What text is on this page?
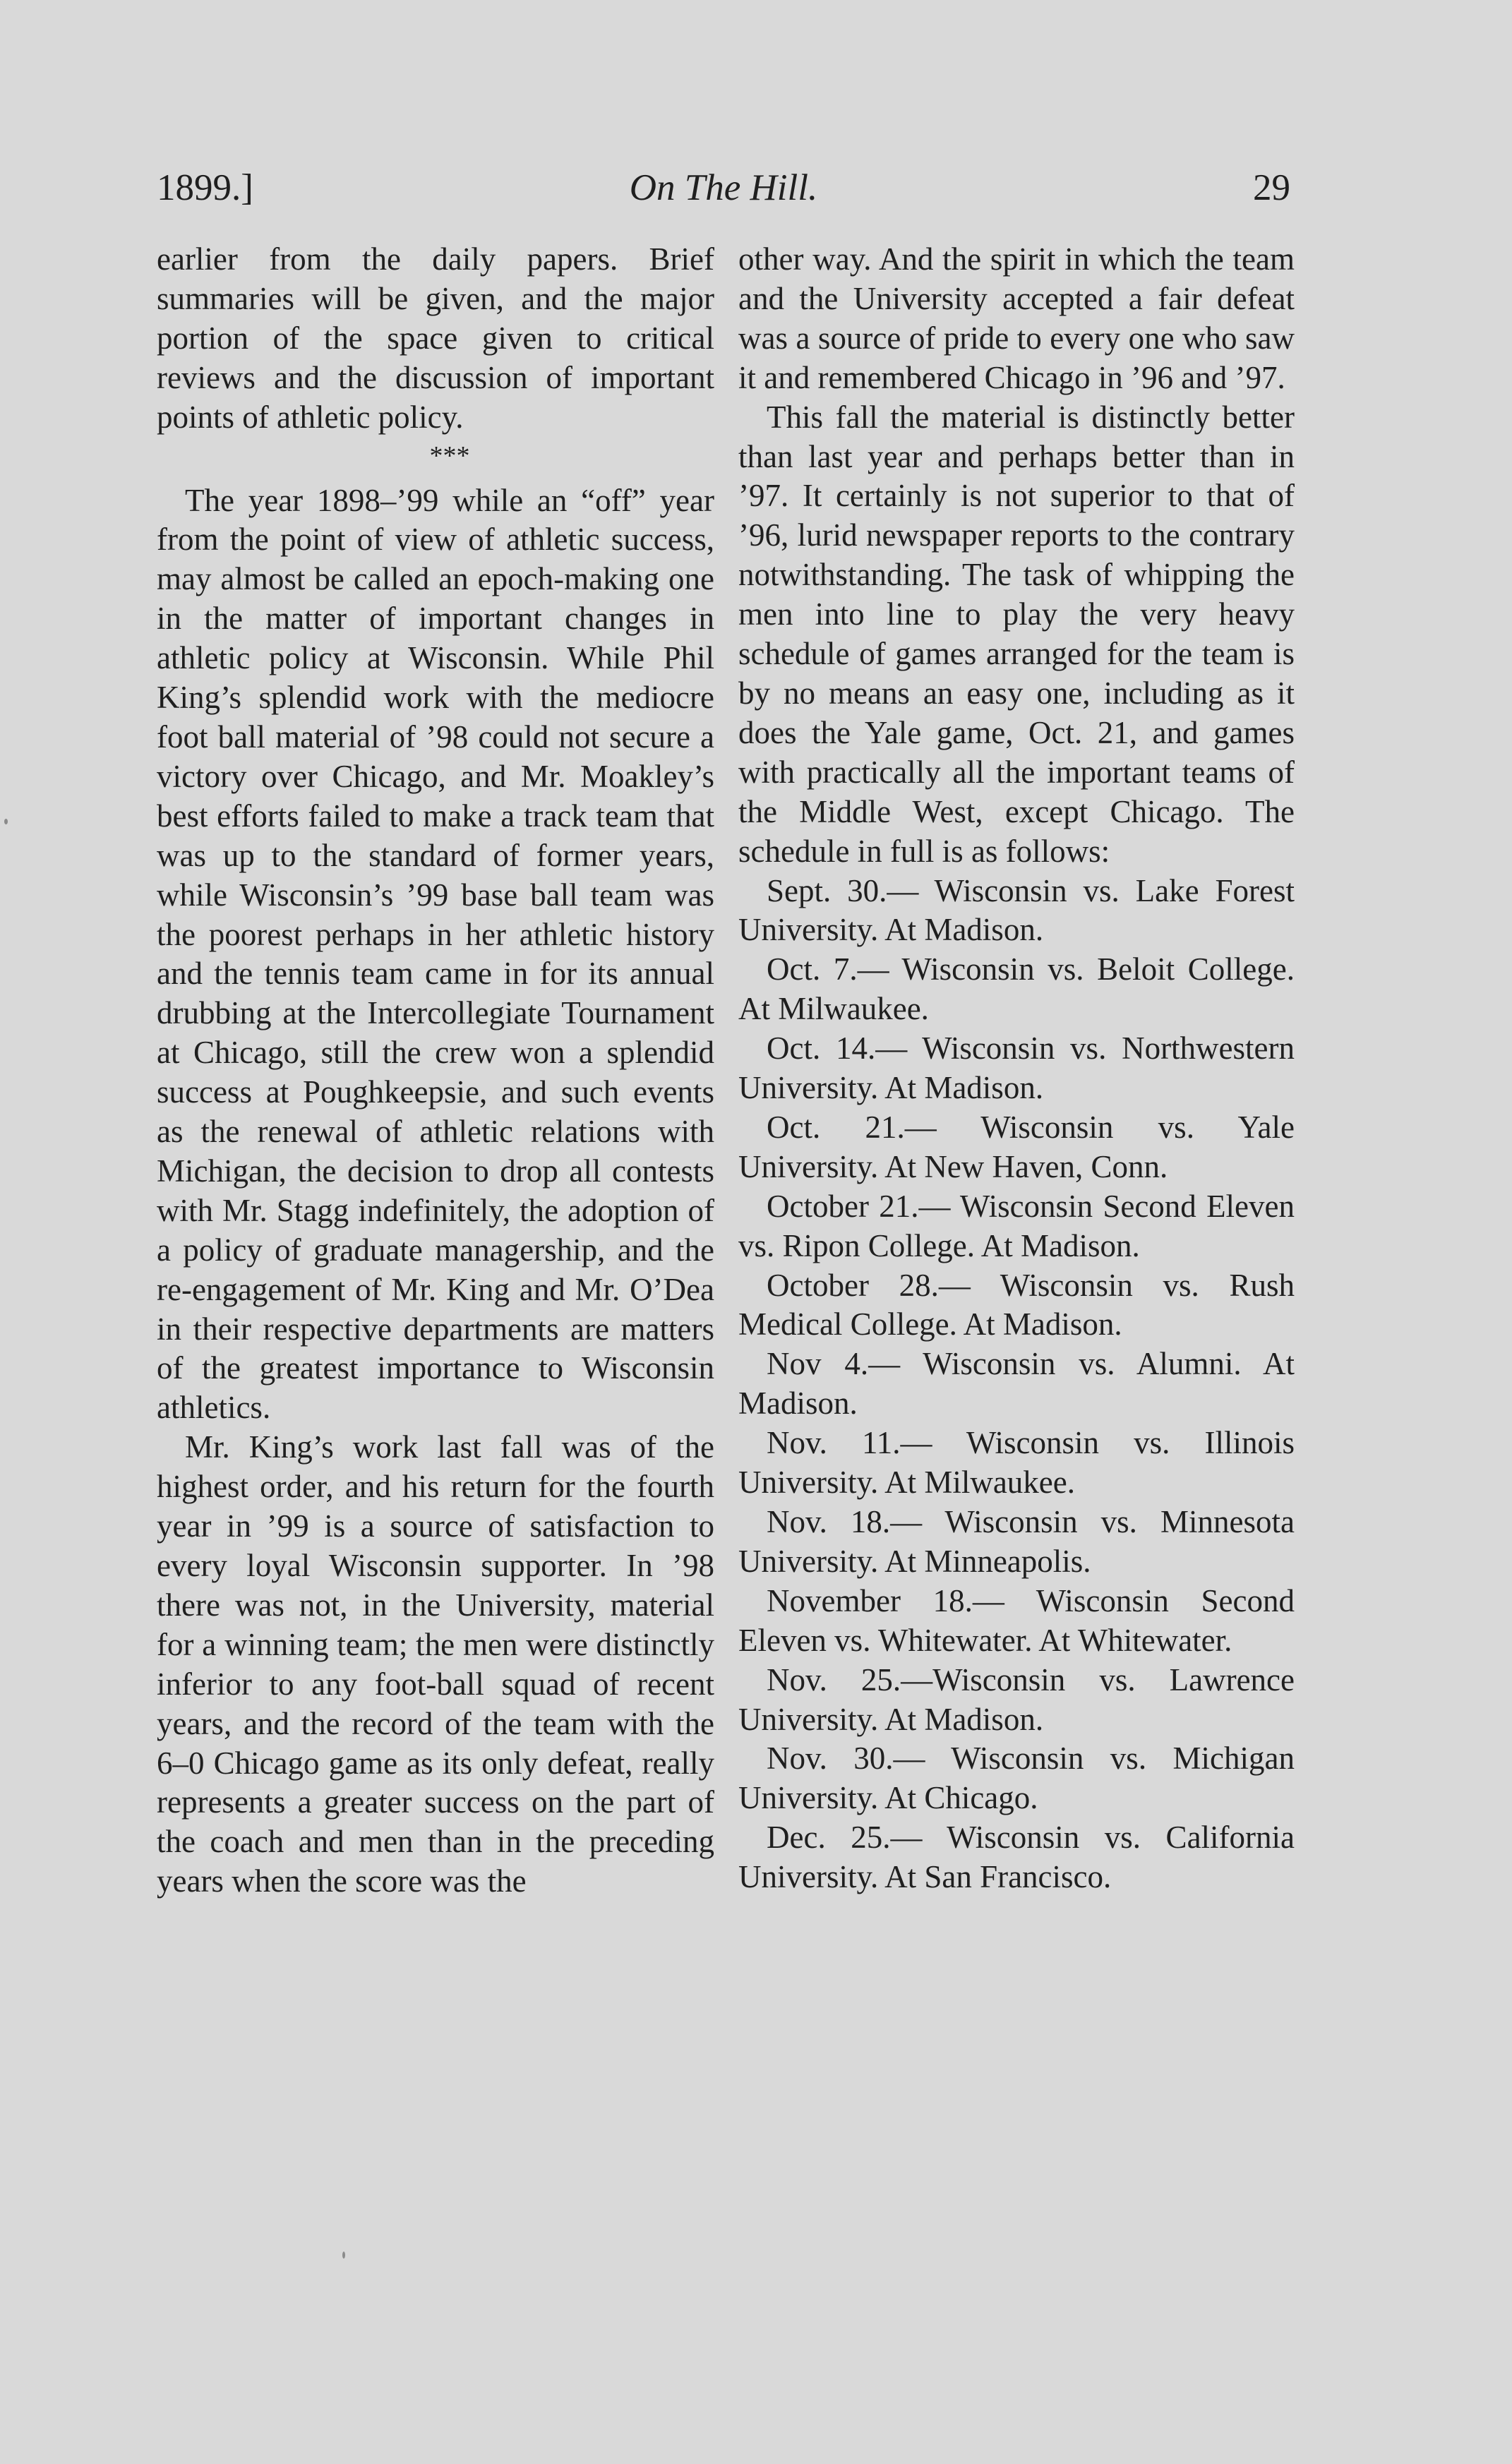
1899.]	On The Hill.	29

earlier from the daily papers. Brief summaries will be given, and the major portion of the space given to critical reviews and the discussion of important points of athletic policy.

***

The year 1898–’99 while an “off” year from the point of view of athletic success, may almost be called an epoch-making one in the matter of important changes in athletic policy at Wisconsin. While Phil King’s splendid work with the mediocre foot ball material of ’98 could not secure a victory over Chicago, and Mr. Moakley’s best efforts failed to make a track team that was up to the standard of former years, while Wisconsin’s ’99 base ball team was the poorest perhaps in her athletic history and the tennis team came in for its annual drubbing at the Intercollegiate Tournament at Chicago, still the crew won a splendid success at Poughkeepsie, and such events as the renewal of athletic relations with Michigan, the decision to drop all contests with Mr. Stagg indefinitely, the adoption of a policy of graduate managership, and the re-engagement of Mr. King and Mr. O’Dea in their respective departments are matters of the greatest importance to Wisconsin athletics.

Mr. King’s work last fall was of the highest order, and his return for the fourth year in ’99 is a source of satisfaction to every loyal Wisconsin supporter. In ’98 there was not, in the University, material for a winning team; the men were distinctly inferior to any foot-ball squad of recent years, and the record of the team with the 6–0 Chicago game as its only defeat, really represents a greater success on the part of the coach and men than in the preceding years when the score was the

other way. And the spirit in which the team and the University accepted a fair defeat was a source of pride to every one who saw it and remembered Chicago in ’96 and ’97.

This fall the material is distinctly better than last year and perhaps better than in ’97. It certainly is not superior to that of ’96, lurid newspaper reports to the contrary notwithstanding. The task of whipping the men into line to play the very heavy schedule of games arranged for the team is by no means an easy one, including as it does the Yale game, Oct. 21, and games with practically all the important teams of the Middle West, except Chicago. The schedule in full is as follows:

Sept. 30.— Wisconsin vs. Lake Forest University. At Madison.

Oct. 7.— Wisconsin vs. Beloit College. At Milwaukee.

Oct. 14.— Wisconsin vs. Northwestern University. At Madison.

Oct. 21.— Wisconsin vs. Yale University. At New Haven, Conn.

October 21.— Wisconsin Second Eleven vs. Ripon College. At Madison.

October 28.— Wisconsin vs. Rush Medical College. At Madison.

Nov 4.— Wisconsin vs. Alumni. At Madison.

Nov. 11.— Wisconsin vs. Illinois University. At Milwaukee.

Nov. 18.— Wisconsin vs. Minnesota University. At Minneapolis.

November 18.— Wisconsin Second Eleven vs. Whitewater. At Whitewater.

Nov. 25.—Wisconsin vs. Lawrence University. At Madison.

Nov. 30.— Wisconsin vs. Michigan University. At Chicago.

Dec. 25.— Wisconsin vs. California University. At San Francisco.
